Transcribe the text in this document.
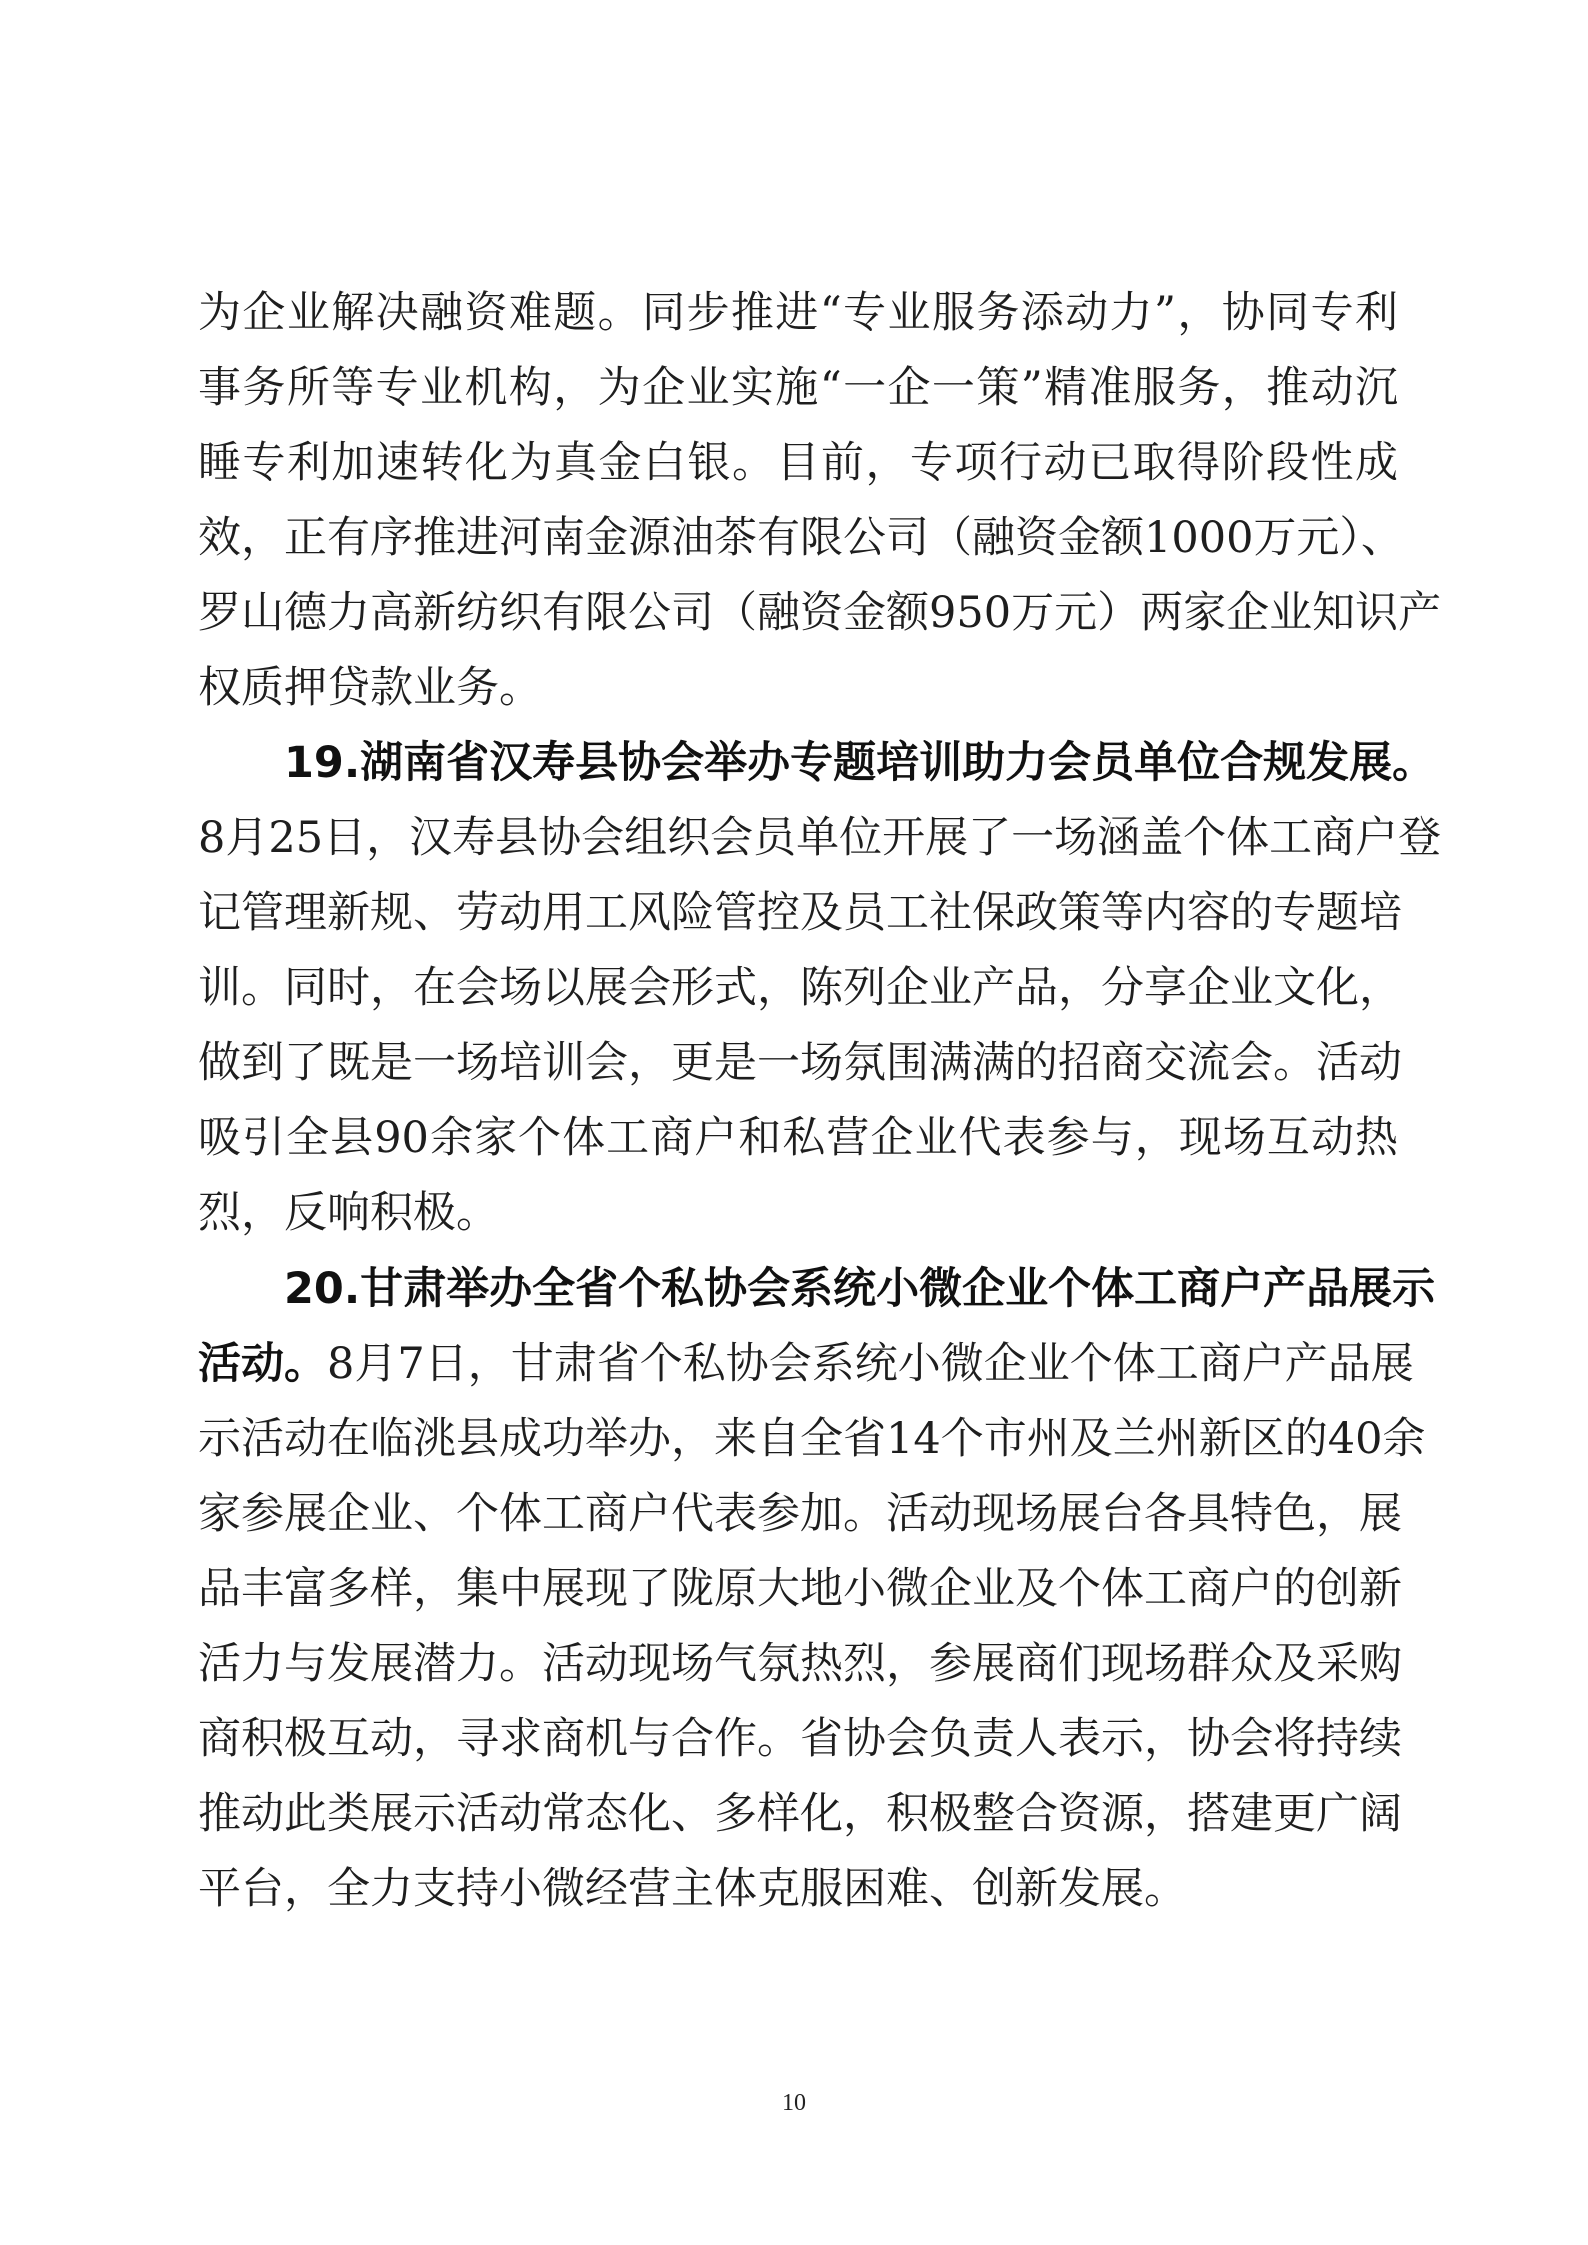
为企业解决融资难题。同步推进“专业服务添动力”，协同专利
事务所等专业机构，为企业实施“一企一策”精准服务，推动沉
睡专利加速转化为真金白银。目前，专项行动已取得阶段性成
效，正有序推进河南金源油茶有限公司（融资金额1000万元）、
罗山德力高新纺织有限公司（融资金额950万元）两家企业知识产
权质押贷款业务。
19.湖南省汉寿县协会举办专题培训助力会员单位合规发展。
8月25日，汉寿县协会组织会员单位开展了一场涵盖个体工商户登
记管理新规、劳动用工风险管控及员工社保政策等内容的专题培
训。同时，在会场以展会形式，陈列企业产品，分享企业文化，
做到了既是一场培训会，更是一场氛围满满的招商交流会。活动
吸引全县90余家个体工商户和私营企业代表参与，现场互动热
烈，反响积极。
20.甘肃举办全省个私协会系统小微企业个体工商户产品展示
活动。 8月7日，甘肃省个私协会系统小微企业个体工商户产品展
示活动在临洮县成功举办，来自全省14个市州及兰州新区的40余
家参展企业、个体工商户代表参加。活动现场展台各具特色，展
品丰富多样，集中展现了陇原大地小微企业及个体工商户的创新
活力与发展潜力。活动现场气氛热烈，参展商们现场群众及采购
商积极互动，寻求商机与合作。省协会负责人表示，协会将持续
推动此类展示活动常态化、多样化，积极整合资源，搭建更广阔
平台，全力支持小微经营主体克服困难、创新发展。
10
